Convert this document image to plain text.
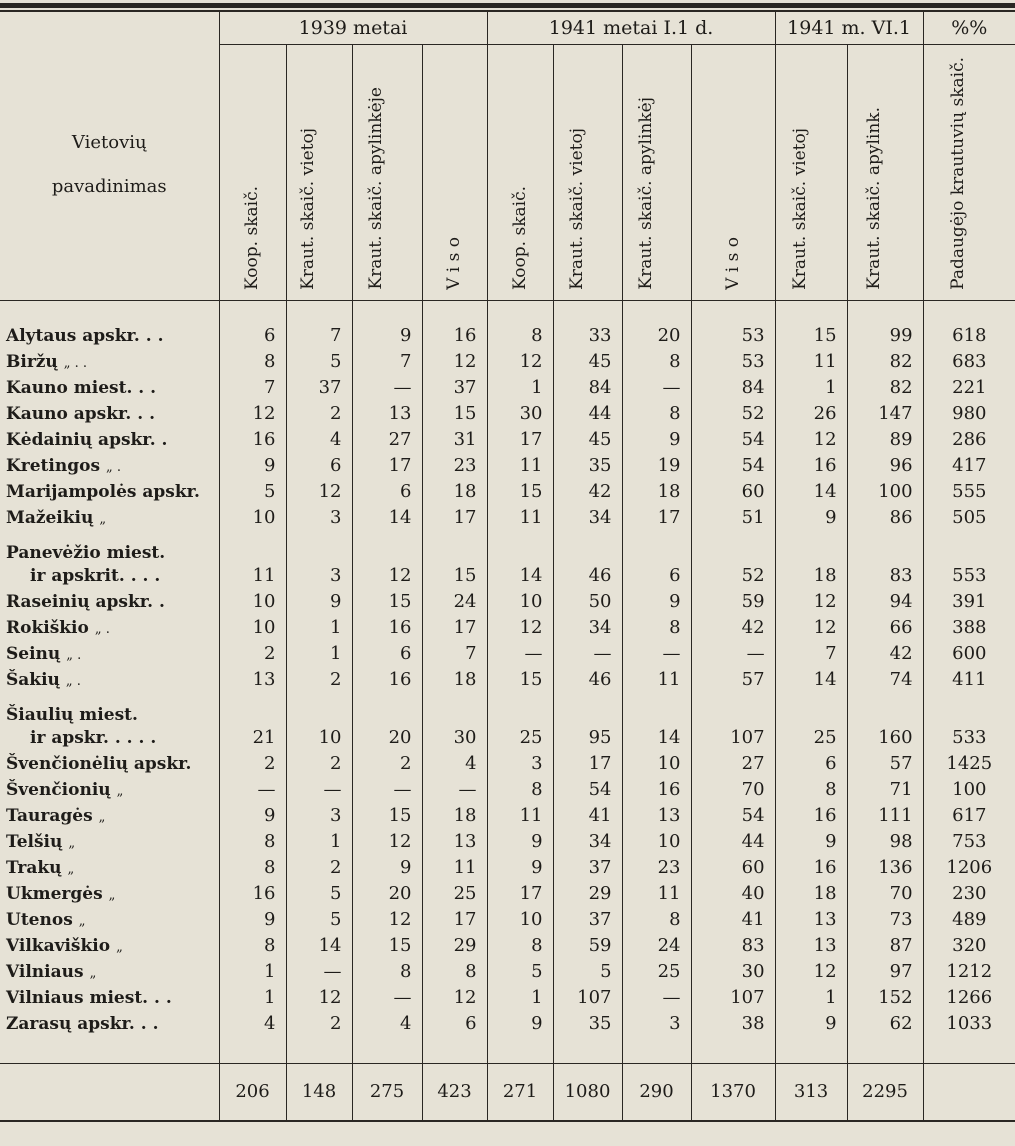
Vietovių
pavadinimas	1939 metai				1941 metai I.1 d.				1941 m. VI.1		%%
	Koop. skaič.	Kraut. skaič. vietoj	Kraut. skaič. apylinkėje	V i s o	Koop. skaič.	Kraut. skaič. vietoj	Kraut. skaič. apylinkėj	V i s o	Kraut. skaič. vietoj	Kraut. skaič. apylink.	Padaugėjo krautuvių skaič.

Alytaus apskr. . .	6	7	9	16	8	33	20	53	15	99	618
Biržų „ . .	8	5	7	12	12	45	8	53	11	82	683
Kauno miest. . .	7	37	—	37	1	84	—	84	1	82	221
Kauno apskr. . .	12	2	13	15	30	44	8	52	26	147	980
Kėdainių apskr. .	16	4	27	31	17	45	9	54	12	89	286
Kretingos „ .	9	6	17	23	11	35	19	54	16	96	417
Marijampolės apskr.	5	12	6	18	15	42	18	60	14	100	555
Mažeikių „	10	3	14	17	11	34	17	51	9	86	505
Panevėžio miest.											
ir apskrit. . . .	11	3	12	15	14	46	6	52	18	83	553
Raseinių apskr. .	10	9	15	24	10	50	9	59	12	94	391
Rokiškio „ .	10	1	16	17	12	34	8	42	12	66	388
Seinų „ .	2	1	6	7	—	—	—	—	7	42	600
Šakių „ .	13	2	16	18	15	46	11	57	14	74	411
Šiaulių miest.											
ir apskr. . . . .	21	10	20	30	25	95	14	107	25	160	533
Švenčionėlių apskr.	2	2	2	4	3	17	10	27	6	57	1425
Švenčionių „	—	—	—	—	8	54	16	70	8	71	100
Tauragės „	9	3	15	18	11	41	13	54	16	111	617
Telšių „	8	1	12	13	9	34	10	44	9	98	753
Trakų „	8	2	9	11	9	37	23	60	16	136	1206
Ukmergės „	16	5	20	25	17	29	11	40	18	70	230
Utenos „	9	5	12	17	10	37	8	41	13	73	489
Vilkaviškio „	8	14	15	29	8	59	24	83	13	87	320
Vilniaus „	1	—	8	8	5	5	25	30	12	97	1212
Vilniaus miest. . .	1	12	—	12	1	107	—	107	1	152	1266
Zarasų apskr. . .	4	2	4	6	9	35	3	38	9	62	1033

	206	148	275	423	271	1080	290	1370	313	2295	
